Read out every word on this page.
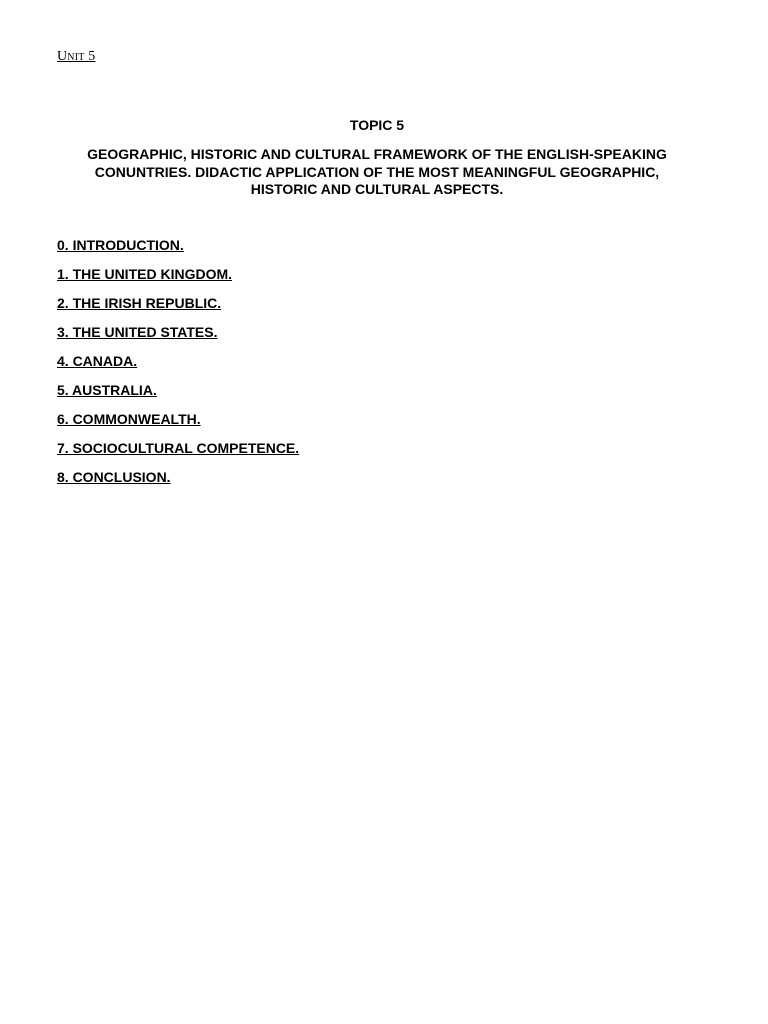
Unit 5
TOPIC 5
GEOGRAPHIC, HISTORIC AND CULTURAL FRAMEWORK OF THE ENGLISH-SPEAKING CONUNTRIES. DIDACTIC APPLICATION OF THE MOST MEANINGFUL GEOGRAPHIC, HISTORIC AND CULTURAL ASPECTS.
0. INTRODUCTION.
1. THE UNITED KINGDOM.
2. THE IRISH REPUBLIC.
3. THE UNITED STATES.
4. CANADA.
5. AUSTRALIA.
6. COMMONWEALTH.
7. SOCIOCULTURAL COMPETENCE.
8. CONCLUSION.
